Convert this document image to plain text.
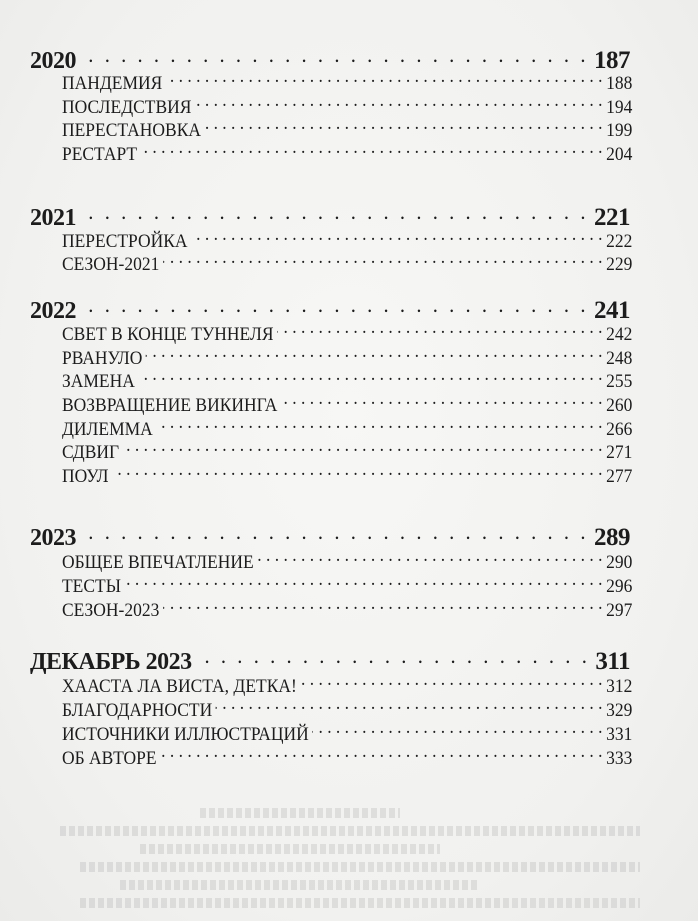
2020 • •	187
ПАНДЕМИЯ . . .	188
ПОСЛЕДСТВИЯ . . .	194
ПЕРЕСТАНОВКА . . .	199
РЕСТАРТ . . .	204
2021 • •	221
ПЕРЕСТРОЙКА . . .	222
СЕЗОН-2021 . . .	229
2022 • •	241
СВЕТ В КОНЦЕ ТУННЕЛЯ . . .	242
РВАНУЛО . . .	248
ЗАМЕНА . . .	255
ВОЗВРАЩЕНИЕ ВИКИНГА . . .	260
ДИЛЕММА . . .	266
СДВИГ . . .	271
ПОУЛ . . .	277
2023 • •	289
ОБЩЕЕ ВПЕЧАТЛЕНИЕ . . .	290
ТЕСТЫ . . .	296
СЕЗОН-2023 . . .	297
ДЕКАБРЬ 2023 • •	311
ХААСТА ЛА ВИСТА, ДЕТКА! . . .	312
БЛАГОДАРНОСТИ . . .	329
ИСТОЧНИКИ ИЛЛЮСТРАЦИЙ . . .	331
ОБ АВТОРЕ . . .	333
